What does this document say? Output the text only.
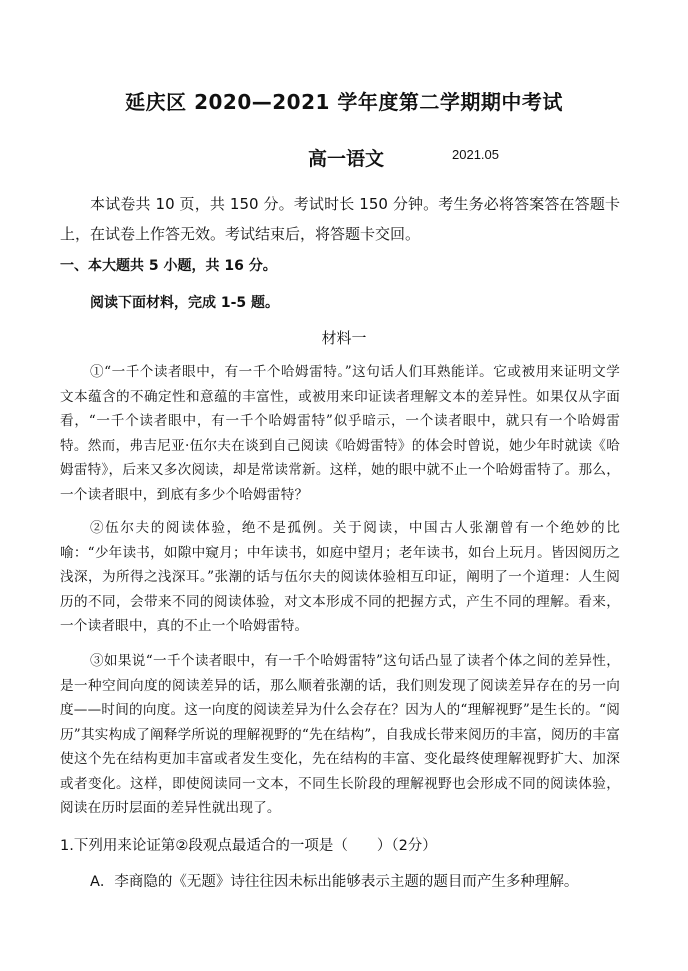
延庆区 2020—2021 学年度第二学期期中考试
高一语文	2021.05
本试卷共 10 页，共 150 分。考试时长 150 分钟。考生务必将答案答在答题卡上，在试卷上作答无效。考试结束后，将答题卡交回。
一、本大题共 5 小题，共 16 分。
阅读下面材料，完成 1-5 题。
材料一
①“一千个读者眼中，有一千个哈姆雷特。”这句话人们耳熟能详。它或被用来证明文学文本蕴含的不确定性和意蕴的丰富性，或被用来印证读者理解文本的差异性。如果仅从字面看，“一千个读者眼中，有一千个哈姆雷特”似乎暗示，一个读者眼中，就只有一个哈姆雷特。然而，弗吉尼亚·伍尔夫在谈到自己阅读《哈姆雷特》的体会时曾说，她少年时就读《哈姆雷特》，后来又多次阅读，却是常读常新。这样，她的眼中就不止一个哈姆雷特了。那么，一个读者眼中，到底有多少个哈姆雷特？
②伍尔夫的阅读体验，绝不是孤例。关于阅读，中国古人张潮曾有一个绝妙的比喻：“少年读书，如隙中窥月；中年读书，如庭中望月；老年读书，如台上玩月。皆因阅历之浅深，为所得之浅深耳。”张潮的话与伍尔夫的阅读体验相互印证，阐明了一个道理：人生阅历的不同，会带来不同的阅读体验，对文本形成不同的把握方式，产生不同的理解。看来，一个读者眼中，真的不止一个哈姆雷特。
③如果说“一千个读者眼中，有一千个哈姆雷特”这句话凸显了读者个体之间的差异性，是一种空间向度的阅读差异的话，那么顺着张潮的话，我们则发现了阅读差异存在的另一向度——时间的向度。这一向度的阅读差异为什么会存在？因为人的“理解视野”是生长的。“阅历”其实构成了阐释学所说的理解视野的“先在结构”，自我成长带来阅历的丰富，阅历的丰富使这个先在结构更加丰富或者发生变化，先在结构的丰富、变化最终使理解视野扩大、加深或者变化。这样，即使阅读同一文本，不同生长阶段的理解视野也会形成不同的阅读体验，阅读在历时层面的差异性就出现了。
1.下列用来论证第②段观点最适合的一项是（　　）（2分）
A．李商隐的《无题》诗往往因未标出能够表示主题的题目而产生多种理解。
